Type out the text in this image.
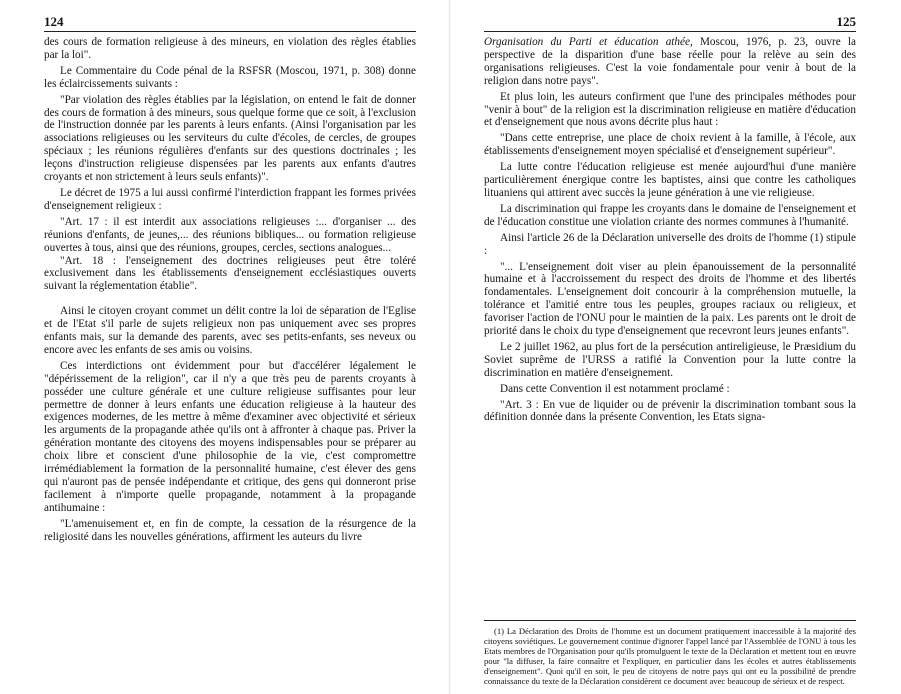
124

des cours de formation religieuse à des mineurs, en violation des règles établies par la loi".

Le Commentaire du Code pénal de la RSFSR (Moscou, 1971, p. 308) donne les éclaircissements suivants :

"Par violation des règles établies par la législation, on entend le fait de donner des cours de formation à des mineurs, sous quelque forme que ce soit, à l'exclusion de l'instruction donnée par les parents à leurs enfants. (Ainsi l'organisation par les associations religieuses ou les serviteurs du culte d'écoles, de cercles, de groupes spéciaux ; les réunions régulières d'enfants sur des questions doctrinales ; les leçons d'instruction religieuse dispensées par les parents aux enfants d'autres croyants et non strictement à leurs seuls enfants)".

Le décret de 1975 a lui aussi confirmé l'interdiction frappant les formes privées d'enseignement religieux :

"Art. 17 : il est interdit aux associations religieuses :... d'organiser ... des réunions d'enfants, de jeunes,... des réunions bibliques... ou formation religieuse ouvertes à tous, ainsi que des réunions, groupes, cercles, sections analogues...

"Art. 18 : l'enseignement des doctrines religieuses peut être toléré exclusivement dans les établissements d'enseignement ecclésiastiques ouverts suivant la réglementation établie".

Ainsi le citoyen croyant commet un délit contre la loi de séparation de l'Eglise et de l'Etat s'il parle de sujets religieux non pas uniquement avec ses propres enfants mais, sur la demande des parents, avec ses petits-enfants, ses neveux ou encore avec les enfants de ses amis ou voisins.

Ces interdictions ont évidemment pour but d'accélérer légalement le "dépérissement de la religion", car il n'y a que très peu de parents croyants à posséder une culture générale et une culture religieuse suffisantes pour leur permettre de donner à leurs enfants une éducation religieuse à la hauteur des exigences modernes, de les mettre à même d'examiner avec objectivité et sérieux les arguments de la propagande athée qu'ils ont à affronter à chaque pas. Priver la génération montante des citoyens des moyens indispensables pour se préparer au choix libre et conscient d'une philosophie de la vie, c'est compromettre irrémédiablement la formation de la personnalité humaine, c'est élever des gens qui n'auront pas de pensée indépendante et critique, des gens qui donneront prise facilement à n'importe quelle propagande, notamment à la propagande antihumaine :

"L'amenuisement et, en fin de compte, la cessation de la résurgence de la religiosité dans les nouvelles générations, affirment les auteurs du livre

125

Organisation du Parti et éducation athée, Moscou, 1976, p. 23, ouvre la perspective de la disparition d'une base réelle pour la relève au sein des organisations religieuses. C'est la voie fondamentale pour venir à bout de la religion dans notre pays".

Et plus loin, les auteurs confirment que l'une des principales méthodes pour "venir à bout" de la religion est la discrimination religieuse en matière d'éducation et d'enseignement que nous avons décrite plus haut :

"Dans cette entreprise, une place de choix revient à la famille, à l'école, aux établissements d'enseignement moyen spécialisé et d'enseignement supérieur".

La lutte contre l'éducation religieuse est menée aujourd'hui d'une manière particulièrement énergique contre les baptistes, ainsi que contre les catholiques lituaniens qui attirent avec succès la jeune génération à une vie religieuse.

La discrimination qui frappe les croyants dans le domaine de l'enseignement et de l'éducation constitue une violation criante des normes communes à l'humanité.

Ainsi l'article 26 de la Déclaration universelle des droits de l'homme (1) stipule :

"... L'enseignement doit viser au plein épanouissement de la personnalité humaine et à l'accroissement du respect des droits de l'homme et des libertés fondamentales. L'enseignement doit concourir à la compréhension mutuelle, la tolérance et l'amitié entre tous les peuples, groupes raciaux ou religieux, et favoriser l'action de l'ONU pour le maintien de la paix. Les parents ont le droit de priorité dans le choix du type d'enseignement que recevront leurs jeunes enfants".

Le 2 juillet 1962, au plus fort de la persécution antireligieuse, le Præsidium du Soviet suprême de l'URSS a ratifié la Convention pour la lutte contre la discrimination en matière d'enseignement.

Dans cette Convention il est notamment proclamé :

"Art. 3 : En vue de liquider ou de prévenir la discrimination tombant sous la définition donnée dans la présente Convention, les Etats signa-

(1) La Déclaration des Droits de l'homme est un document pratiquement inaccessible à la majorité des citoyens soviétiques. Le gouvernement continue d'ignorer l'appel lancé par l'Assemblée de l'ONU à tous les Etats membres de l'Organisation pour qu'ils promulguent le texte de la Déclaration et mettent tout en œuvre pour "la diffuser, la faire connaître et l'expliquer, en particulier dans les écoles et autres établissements d'enseignement". Quoi qu'il en soit, le peu de citoyens de notre pays qui ont eu la possibilité de prendre connaissance du texte de la Déclaration considèrent ce document avec beaucoup de sérieux et de respect.
